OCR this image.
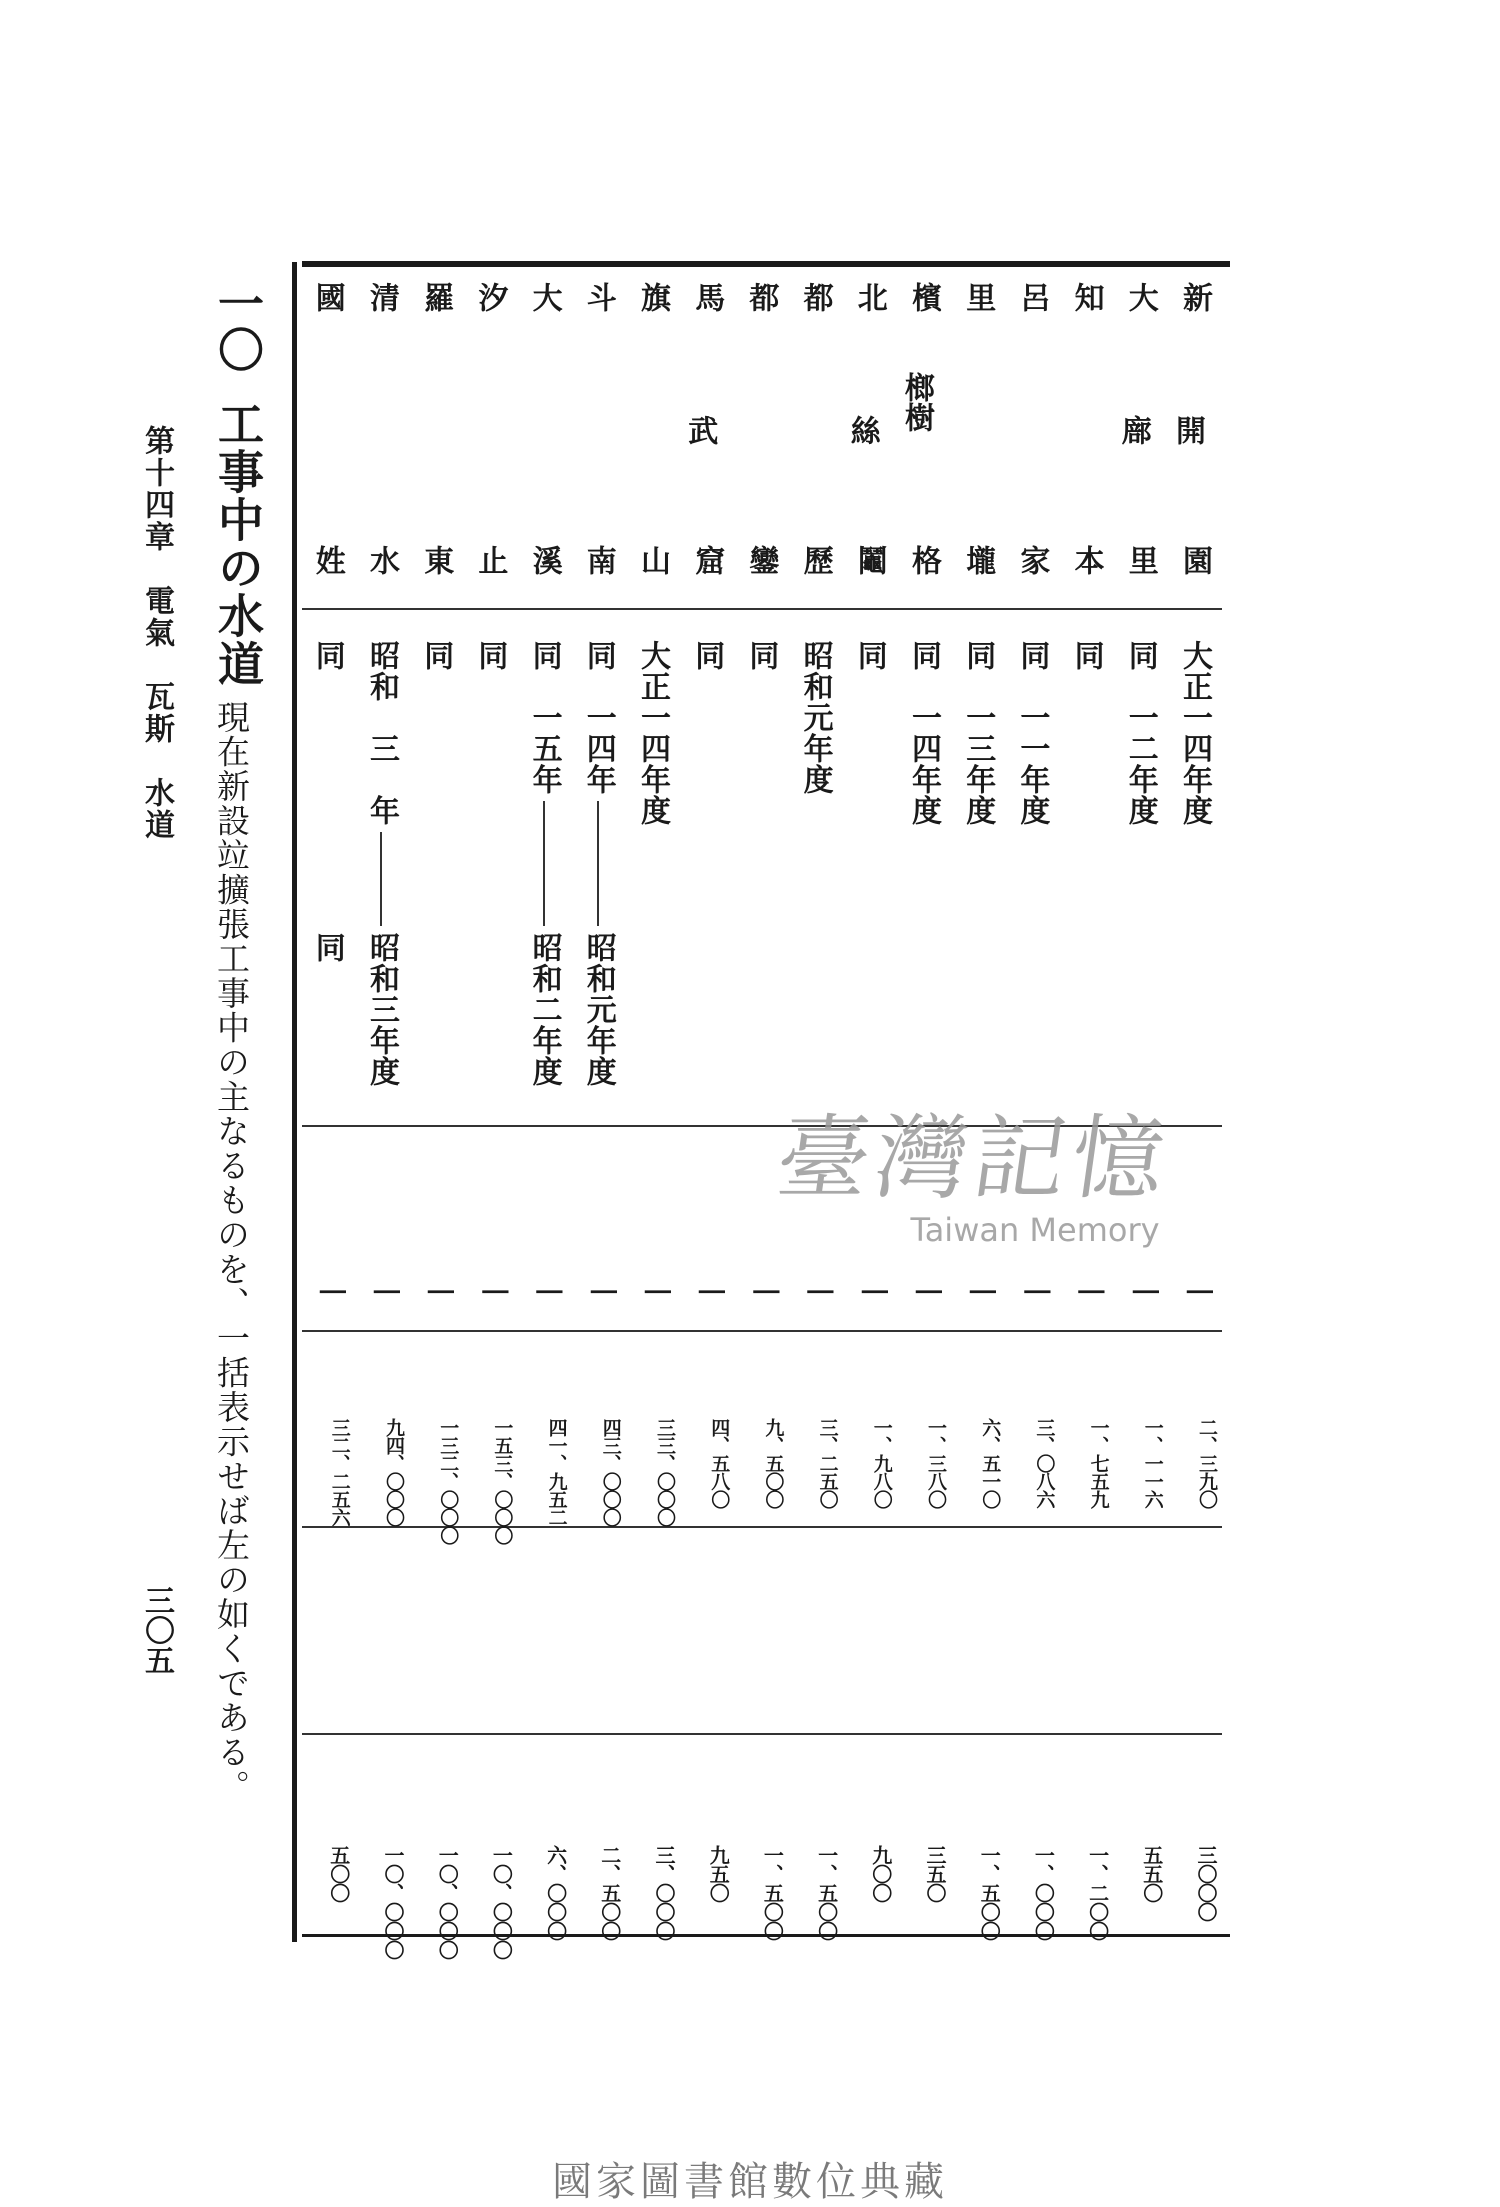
第十四章　電氣　瓦斯　水道
三〇五
一〇
工事中の水道
現在新設竝擴張工事中の主なるものを、一括表示せば左の如くである。
新
開
園
大正一四年度
|
二、三九〇
三〇〇〇
大
廍
里
同　一二年度
|
一、一一六
五五〇
知
本
同
|
一、七五九
一、二〇〇
呂
家
同　一一年度
|
三、〇八六
一、〇〇〇
里
壠
同　一三年度
|
六、五一〇
一、五〇〇
檳
榔樹
格
同　一四年度
|
一、三八〇
三五〇
北
絲
鬮
同
|
一、九八〇
九〇〇
都
歷
昭和元年度
|
三、二五〇
一、五〇〇
都
鑾
同
|
九、五〇〇
一、五〇〇
馬
武
窟
同
|
四、五八〇
九五〇
旗
山
大正一四年度
|
三三、〇〇〇
三、〇〇〇
斗
南
同　一四年
昭和元年度
|
四三、〇〇〇
二、五〇〇
大
溪
同　一五年
昭和二年度
|
四一、九五二
六、〇〇〇
汐
止
同
|
一五三、〇〇〇
一〇、〇〇〇
羅
東
同
|
一三二、〇〇〇
一〇、〇〇〇
清
水
昭和　三　年
昭和三年度
|
九四、〇〇〇
一〇、〇〇〇
國
姓
同
同
|
三二、二五六
五〇〇
臺灣記憶
Taiwan Memory
國家圖書館數位典藏
